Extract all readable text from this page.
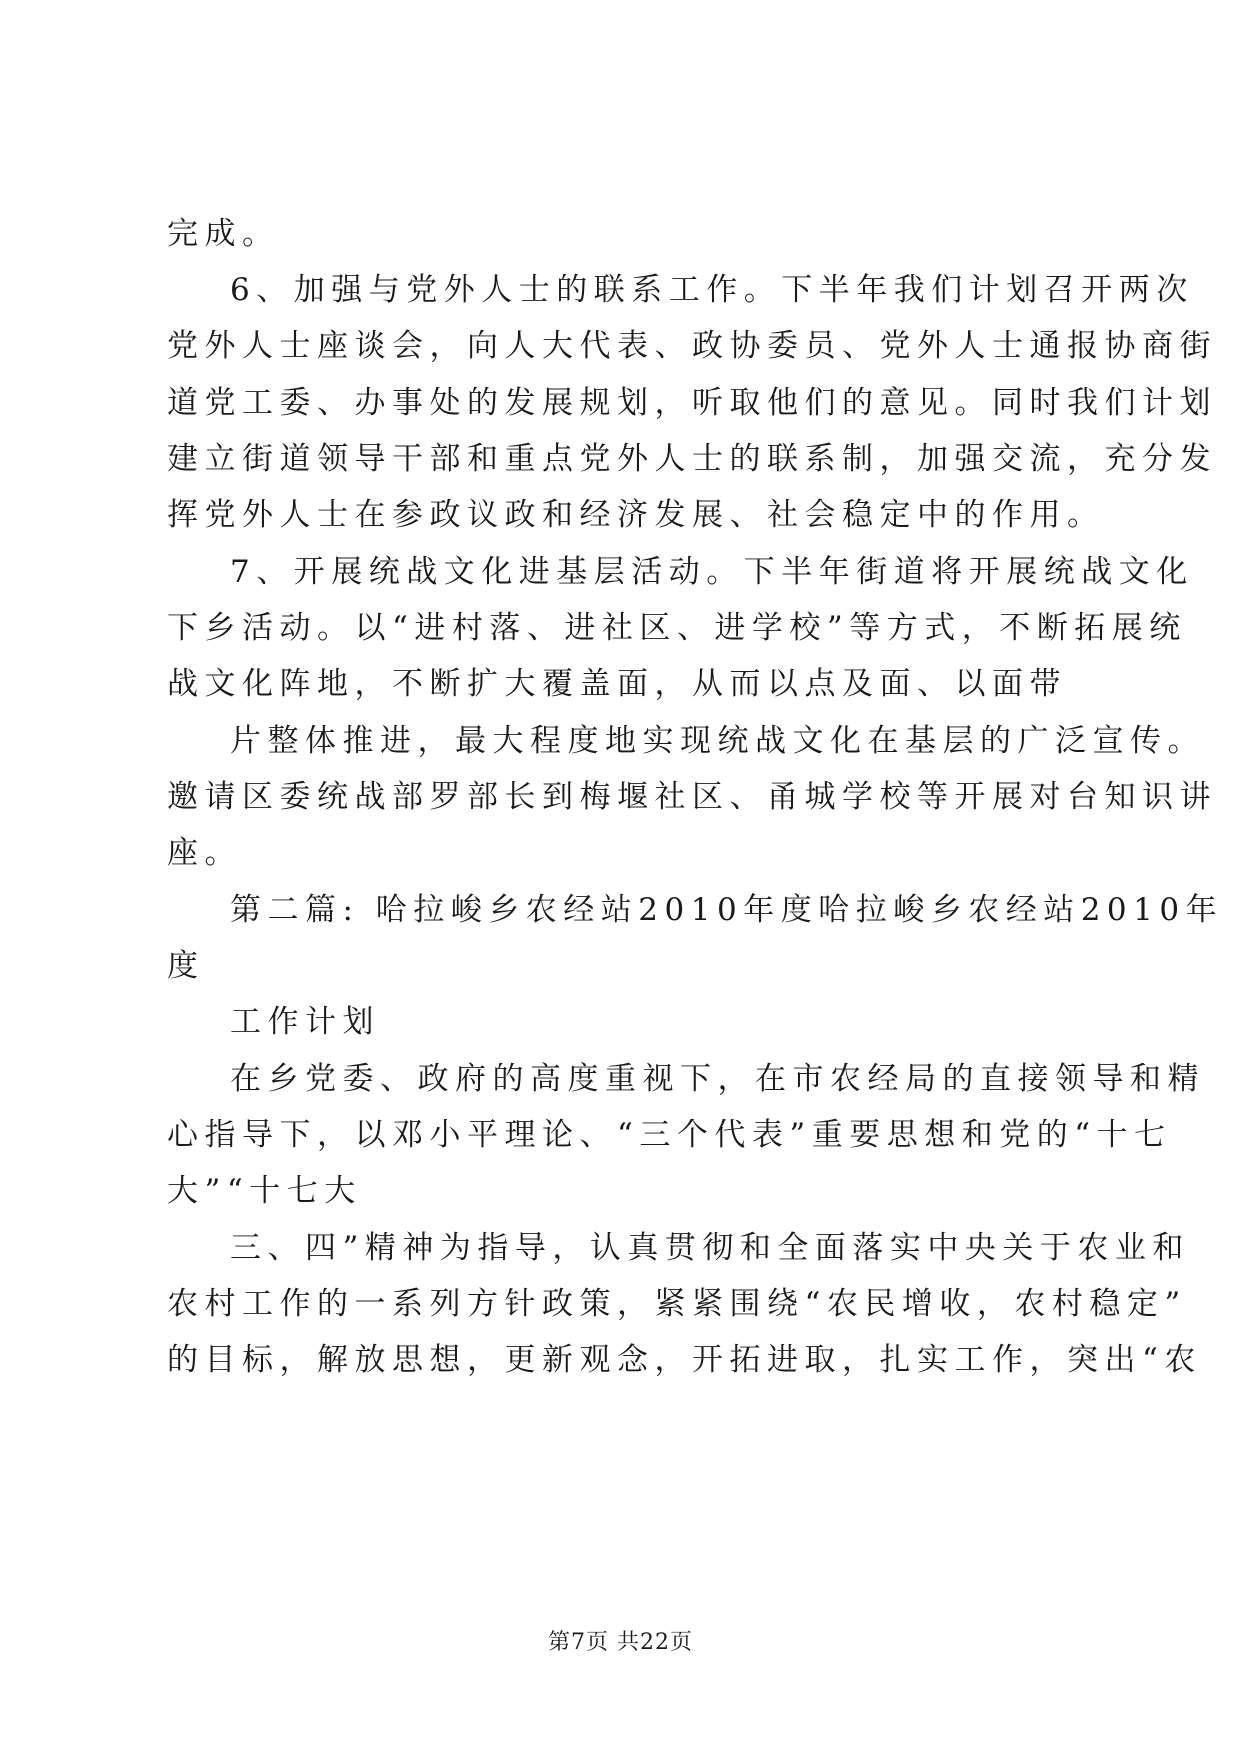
完成。
6、加强与党外人士的联系工作。下半年我们计划召开两次
党外人士座谈会，向人大代表、政协委员、党外人士通报协商街
道党工委、办事处的发展规划，听取他们的意见。同时我们计划
建立街道领导干部和重点党外人士的联系制，加强交流，充分发
挥党外人士在参政议政和经济发展、社会稳定中的作用。
7、开展统战文化进基层活动。下半年街道将开展统战文化
下乡活动。以“进村落、进社区、进学校”等方式，不断拓展统
战文化阵地，不断扩大覆盖面，从而以点及面、以面带
片整体推进，最大程度地实现统战文化在基层的广泛宣传。
邀请区委统战部罗部长到梅堰社区、甬城学校等开展对台知识讲
座。
第二篇: 哈拉峻乡农经站2010年度哈拉峻乡农经站2010年
度
工作计划
在乡党委、政府的高度重视下，在市农经局的直接领导和精
心指导下，以邓小平理论、“三个代表”重要思想和党的“十七
大”“十七大
三、四”精神为指导，认真贯彻和全面落实中央关于农业和
农村工作的一系列方针政策，紧紧围绕“农民增收，农村稳定”
的目标，解放思想，更新观念，开拓进取，扎实工作，突出“农
第7页 共22页
